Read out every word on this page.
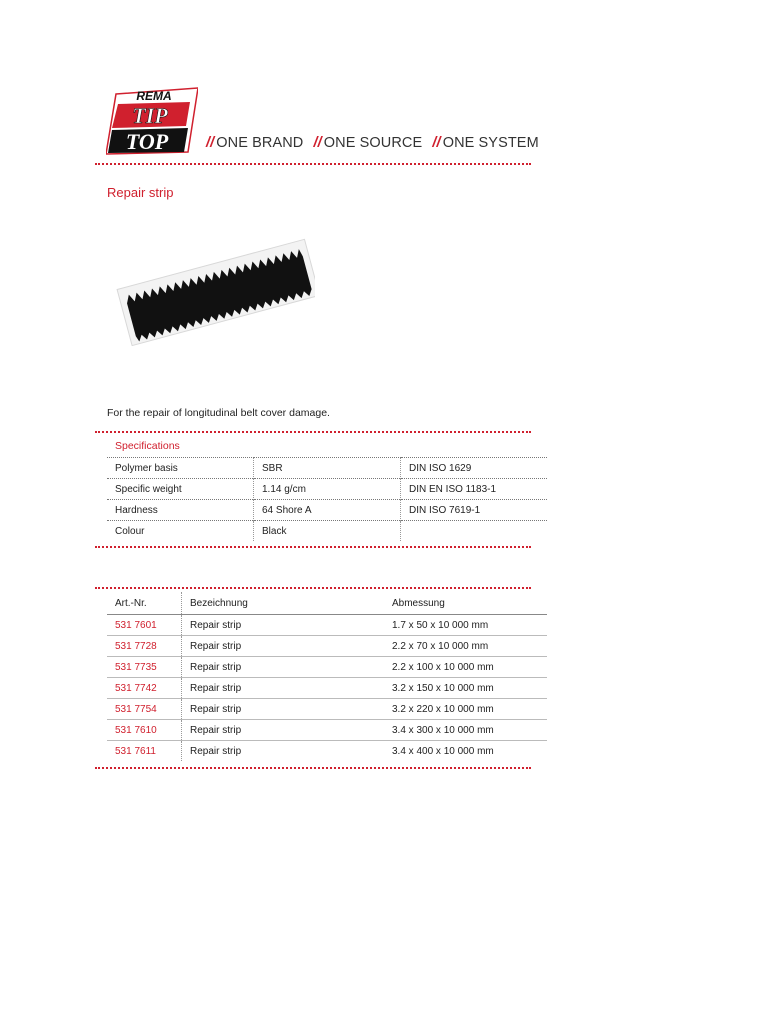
REMA
TIP
TOP	// ONE BRAND // ONE SOURCE // ONE SYSTEM
Repair strip
For the repair of longitudinal belt cover damage.
Specifications
Polymer basis	SBR	DIN ISO 1629
Specific weight	1.14 g/cm	DIN EN ISO 1183-1
Hardness	64 Shore A	DIN ISO 7619-1
Colour	Black	
Art.-Nr.	Bezeichnung	Abmessung
531 7601	Repair strip	1.7 x 50 x 10 000 mm
531 7728	Repair strip	2.2 x 70 x 10 000 mm
531 7735	Repair strip	2.2 x 100 x 10 000 mm
531 7742	Repair strip	3.2 x 150 x 10 000 mm
531 7754	Repair strip	3.2 x 220 x 10 000 mm
531 7610	Repair strip	3.4 x 300 x 10 000 mm
531 7611	Repair strip	3.4 x 400 x 10 000 mm
